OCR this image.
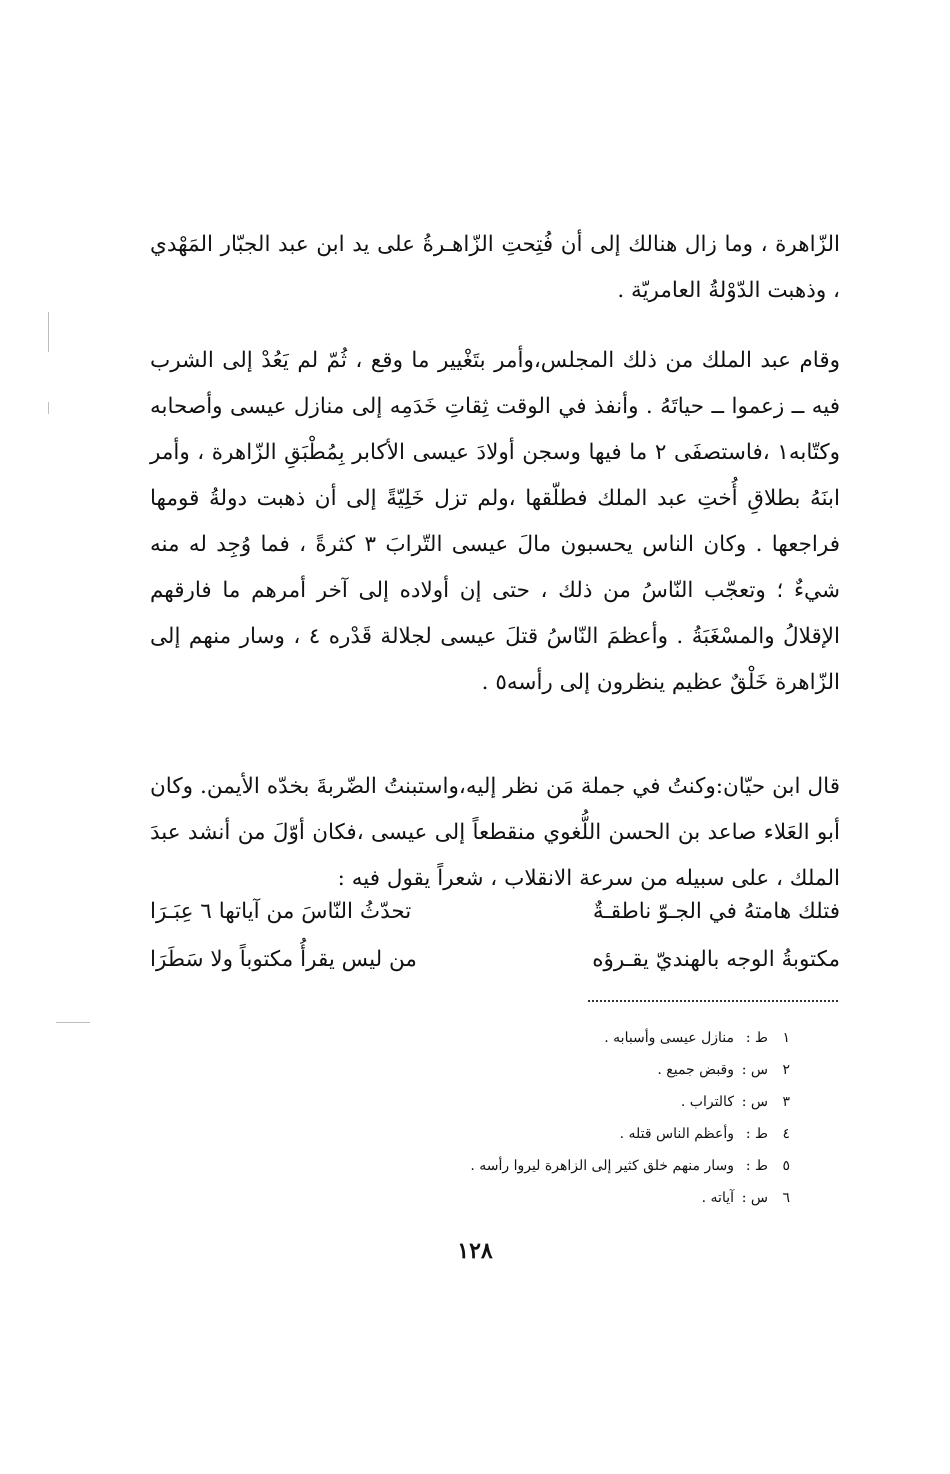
الزّاهرة ، وما زال هنالك إلى أن فُتِحتِ الزّاهـرةُ على يد ابن عبد الجبّار المَهْدي ، وذهبت الدّوْلةُ العامريّة .

وقام عبد الملك من ذلك المجلس،وأمر بتَغْيير ما وقع ، ثُمّ لم يَعُدْ إلى الشرب فيه ــ زعموا ــ حياتَهُ . وأنفذ في الوقت ثِقاتِ خَدَمِه إلى منازل عيسى وأصحابه وكتّابه١ ،فاستصفَى ٢ ما فيها وسجن أولادَ عيسى الأكابر بِمُطْبَقِ الزّاهرة ، وأمر ابنَهُ بطلاقِ أُختِ عبد الملك فطلّقها ،ولم تزل خَلِيّةً إلى أن ذهبت دولةُ قومها فراجعها . وكان الناس يحسبون مالَ عيسى التّرابَ ٣ كثرةً ، فما وُجِد له منه شيءٌ ؛ وتعجّب النّاسُ من ذلك ، حتى إن أولاده إلى آخر أمرهم ما فارقهم الإقلالُ والمسْغَبَةُ . وأعظمَ النّاسُ قتلَ عيسى لجلالة قَدْره ٤ ، وسار منهم إلى الزّاهرة خَلْقٌ عظيم ينظرون إلى رأسه٥ .

قال ابن حيّان:وكنتُ في جملة مَن نظر إليه،واستبنتُ الضّربةَ بخدّه الأيمن. وكان أبو العَلاء صاعد بن الحسن اللُّغوي منقطعاً إلى عيسى ،فكان أوّلَ من أنشد عبدَ الملك ، على سبيله من سرعة الانقلاب ، شعراً يقول فيه :

فتلك هامتهُ في الجـوّ ناطقـةٌ
تحدّثُ النّاسَ من آياتها ٦ عِبَـرَا
مكتوبةُ الوجه بالهنديّ يقـرؤه
من ليس يقرأُ مكتوباً ولا سَطَرَا
١ط :منازل عيسى وأسبابه .
٢س :وقبض جميع .
٣س :كالتراب .
٤ط :وأعظم الناس قتله .
٥ط :وسار منهم خلق كثير إلى الزاهرة ليروا رأسه .
٦س :آياته .
١٢٨
